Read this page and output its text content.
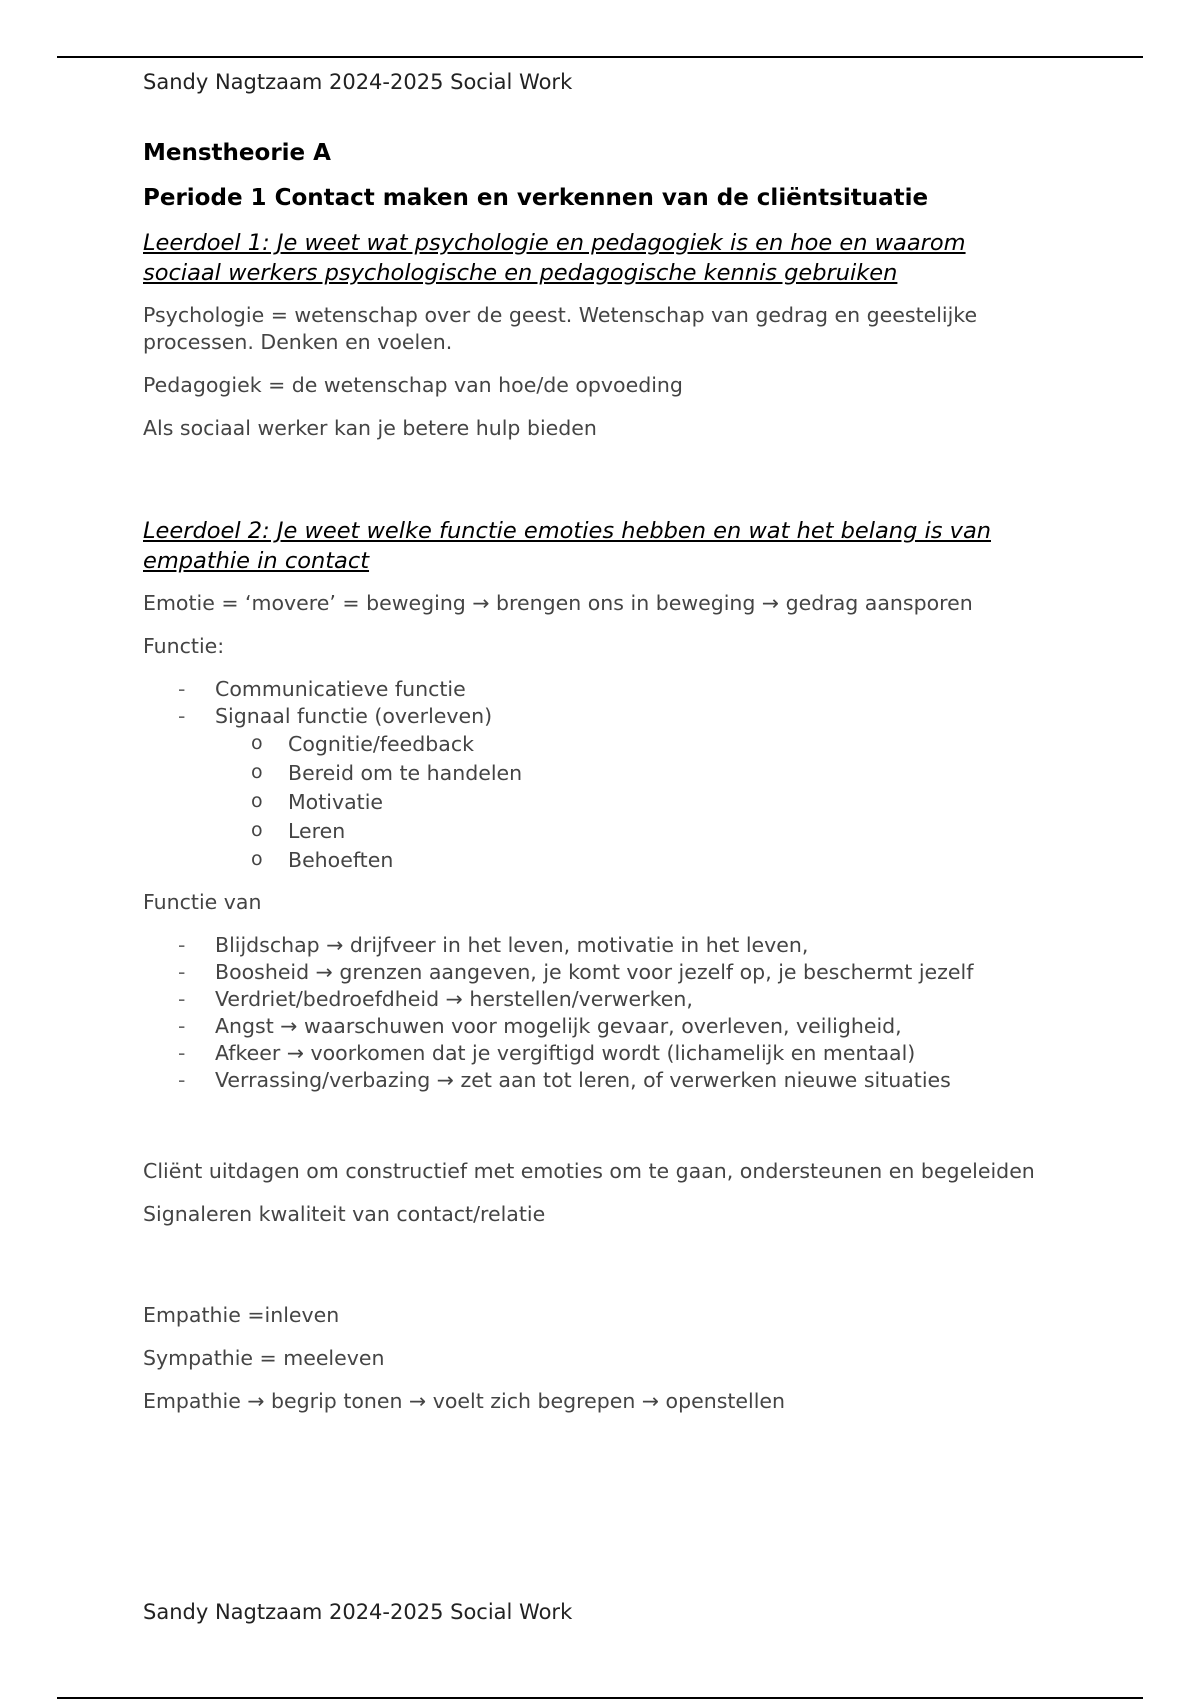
Sandy Nagtzaam 2024-2025 Social Work
Menstheorie A
Periode 1 Contact maken en verkennen van de cliëntsituatie
Leerdoel 1: Je weet wat psychologie en pedagogiek is en hoe en waarom
sociaal werkers psychologische en pedagogische kennis gebruiken

Psychologie = wetenschap over de geest. Wetenschap van gedrag en geestelijke processen. Denken en voelen.

Pedagogiek = de wetenschap van hoe/de opvoeding

Als sociaal werker kan je betere hulp bieden

Leerdoel 2: Je weet welke functie emoties hebben en wat het belang is van
empathie in contact

Emotie = ‘movere’ = beweging → brengen ons in beweging → gedrag aansporen

Functie:

- Communicatieve functie
- Signaal functie (overleven)
o Cognitie/feedback
o Bereid om te handelen
o Motivatie
o Leren
o Behoeften

Functie van

- Blijdschap → drijfveer in het leven, motivatie in het leven,
- Boosheid → grenzen aangeven, je komt voor jezelf op, je beschermt jezelf
- Verdriet/bedroefdheid → herstellen/verwerken,
- Angst → waarschuwen voor mogelijk gevaar, overleven, veiligheid,
- Afkeer → voorkomen dat je vergiftigd wordt (lichamelijk en mentaal)
- Verrassing/verbazing → zet aan tot leren, of verwerken nieuwe situaties

Cliënt uitdagen om constructief met emoties om te gaan, ondersteunen en begeleiden

Signaleren kwaliteit van contact/relatie

Empathie =inleven

Sympathie = meeleven

Empathie → begrip tonen → voelt zich begrepen → openstellen

Sandy Nagtzaam 2024-2025 Social Work
